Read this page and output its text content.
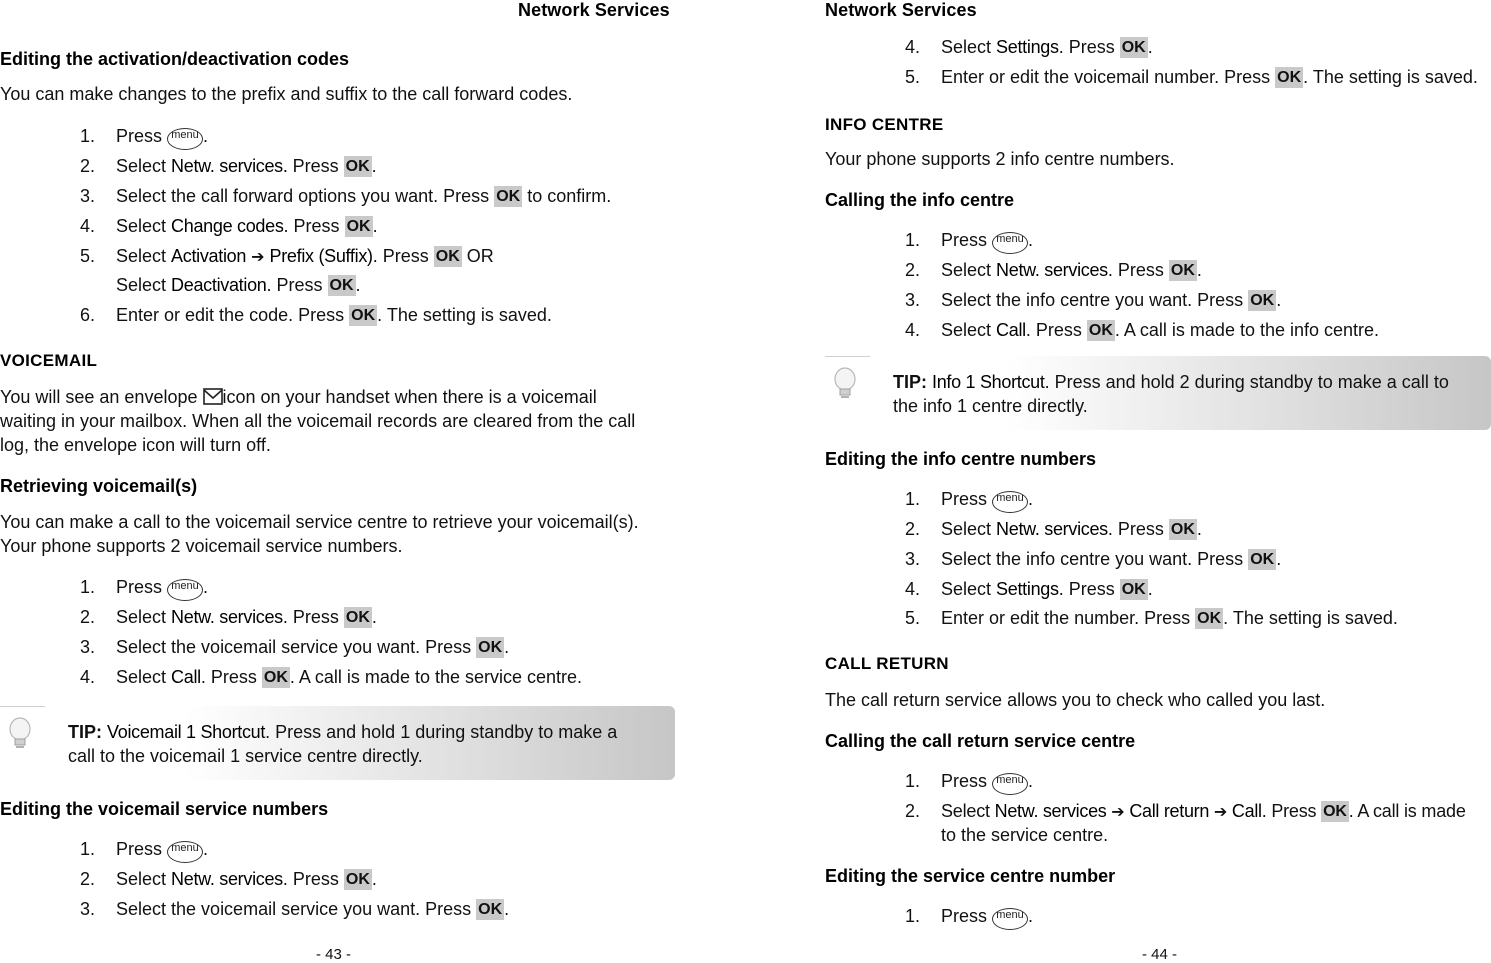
Network Services
Editing the activation/deactivation codes
You can make changes to the prefix and suffix to the call forward codes.
1. Press menu .
2. Select Netw. services. Press OK .
3. Select the call forward options you want. Press OK to confirm.
4. Select Change codes. Press OK .
5. Select Activation ➔ Prefix (Suffix). Press OK OR
Select Deactivation. Press OK .
6. Enter or edit the code. Press OK . The setting is saved.
VOICEMAIL
You will see an envelope icon on your handset when there is a voicemail
waiting in your mailbox. When all the voicemail records are cleared from the call
log, the envelope icon will turn off.
Retrieving voicemail(s)
You can make a call to the voicemail service centre to retrieve your voicemail(s).
Your phone supports 2 voicemail service numbers.
1. Press menu .
2. Select Netw. services. Press OK .
3. Select the voicemail service you want. Press OK .
4. Select Call. Press OK . A call is made to the service centre.
TIP: Voicemail 1 Shortcut. Press and hold 1 during standby to make a
call to the voicemail 1 service centre directly.
Editing the voicemail service numbers
1. Press menu .
2. Select Netw. services. Press OK .
3. Select the voicemail service you want. Press OK .
- 43 -
Network Services
4. Select Settings. Press OK .
5. Enter or edit the voicemail number. Press OK . The setting is saved.
INFO CENTRE
Your phone supports 2 info centre numbers.
Calling the info centre
1. Press menu .
2. Select Netw. services. Press OK .
3. Select the info centre you want. Press OK .
4. Select Call. Press OK . A call is made to the info centre.
TIP: Info 1 Shortcut. Press and hold 2 during standby to make a call to
the info 1 centre directly.
Editing the info centre numbers
1. Press menu .
2. Select Netw. services. Press OK .
3. Select the info centre you want. Press OK .
4. Select Settings. Press OK .
5. Enter or edit the number. Press OK . The setting is saved.
CALL RETURN
The call return service allows you to check who called you last.
Calling the call return service centre
1. Press menu .
2. Select Netw. services ➔ Call return ➔ Call. Press OK . A call is made
to the service centre.
Editing the service centre number
1. Press menu .
- 44 -
